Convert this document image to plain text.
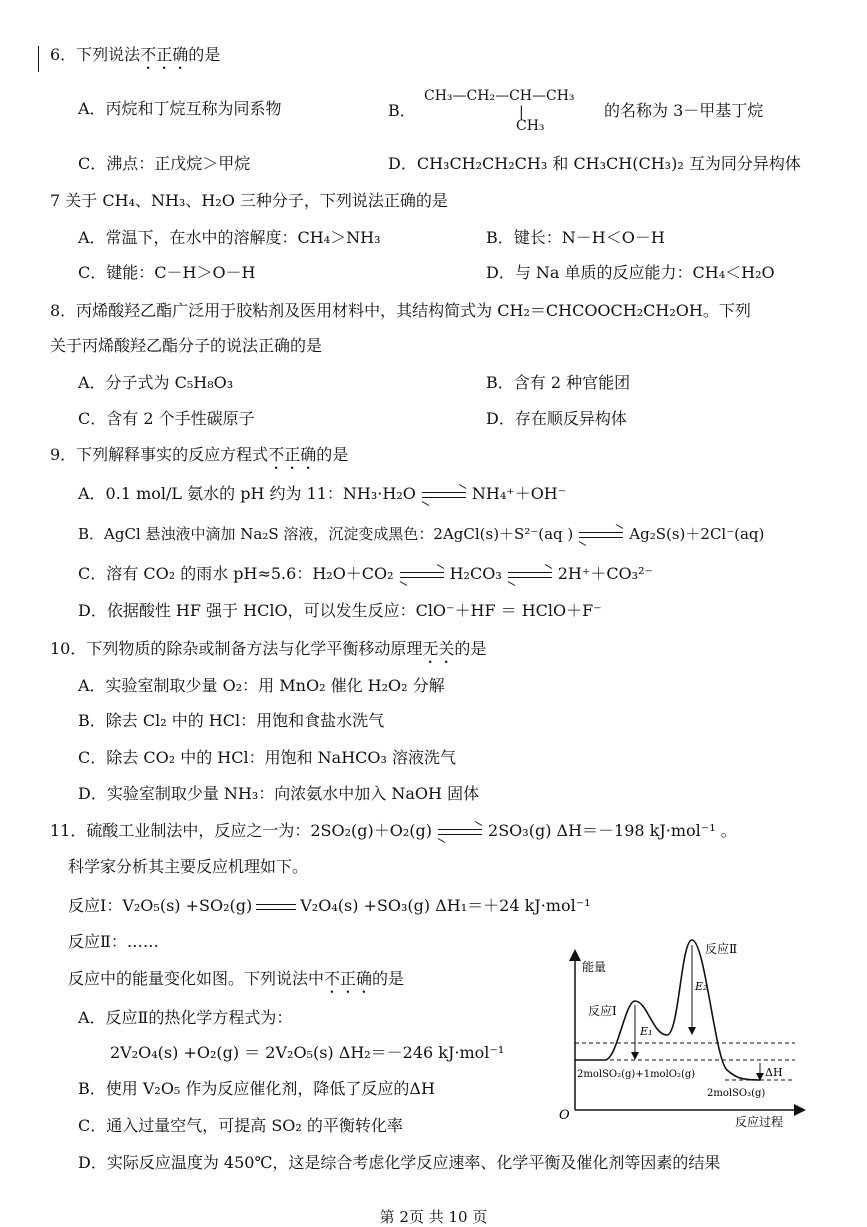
6．下列说法不正确的是
A．丙烷和丁烷互称为同系物	B．
CH₃—CH₂—CH—CH₃
|
CH₃
的名称为 3－甲基丁烷
C．沸点：正戊烷＞甲烷	D．CH₃CH₂CH₂CH₃ 和 CH₃CH(CH₃)₂ 互为同分异构体
7 关于 CH₄、NH₃、H₂O 三种分子，下列说法正确的是
A．常温下，在水中的溶解度：CH₄＞NH₃	B．键长：N－H＜O－H
C．键能：C－H＞O－H	D．与 Na 单质的反应能力：CH₄＜H₂O
8．丙烯酸羟乙酯广泛用于胶粘剂及医用材料中，其结构简式为 CH₂＝CHCOOCH₂CH₂OH。下列
关于丙烯酸羟乙酯分子的说法正确的是
A．分子式为 C₅H₈O₃	B．含有 2 种官能团
C．含有 2 个手性碳原子	D．存在顺反异构体
9．下列解释事实的反应方程式不正确的是
A．0.1 mol/L 氨水的 pH 约为 11：NH₃·H₂O	NH₄⁺＋OH⁻
B．AgCl 悬浊液中滴加 Na₂S 溶液，沉淀变成黑色：2AgCl(s)＋S²⁻(aq )	Ag₂S(s)＋2Cl⁻(aq)
C．溶有 CO₂ 的雨水 pH≈5.6：H₂O＋CO₂	H₂CO₃	2H⁺＋CO₃²⁻
D．依据酸性 HF 强于 HClO，可以发生反应：ClO⁻＋HF ＝ HClO＋F⁻
10．下列物质的除杂或制备方法与化学平衡移动原理无关的是
A．实验室制取少量 O₂：用 MnO₂ 催化 H₂O₂ 分解
B．除去 Cl₂ 中的 HCl：用饱和食盐水洗气
C．除去 CO₂ 中的 HCl：用饱和 NaHCO₃ 溶液洗气
D．实验室制取少量 NH₃：向浓氨水中加入 NaOH 固体
11．硫酸工业制法中，反应之一为：2SO₂(g)＋O₂(g)	2SO₃(g) ΔH＝－198 kJ·mol⁻¹ 。
科学家分析其主要反应机理如下。
反应Ⅰ：V₂O₅(s) +SO₂(g)	V₂O₄(s) +SO₃(g) ΔH₁＝＋24 kJ·mol⁻¹
反应Ⅱ：……
反应中的能量变化如图。下列说法中不正确的是
A．反应Ⅱ的热化学方程式为：
2V₂O₄(s) +O₂(g) ＝ 2V₂O₅(s) ΔH₂＝－246 kJ·mol⁻¹
B．使用 V₂O₅ 作为反应催化剂，降低了反应的ΔH
C．通入过量空气，可提高 SO₂ 的平衡转化率
D．实际反应温度为 450℃，这是综合考虑化学反应速率、化学平衡及催化剂等因素的结果
能量
反应过程
O
反应Ⅰ
反应Ⅱ
E₁
E₂
ΔH
2molSO₂(g)+1molO₂(g)
2molSO₃(g)
第 2页 共 10 页
